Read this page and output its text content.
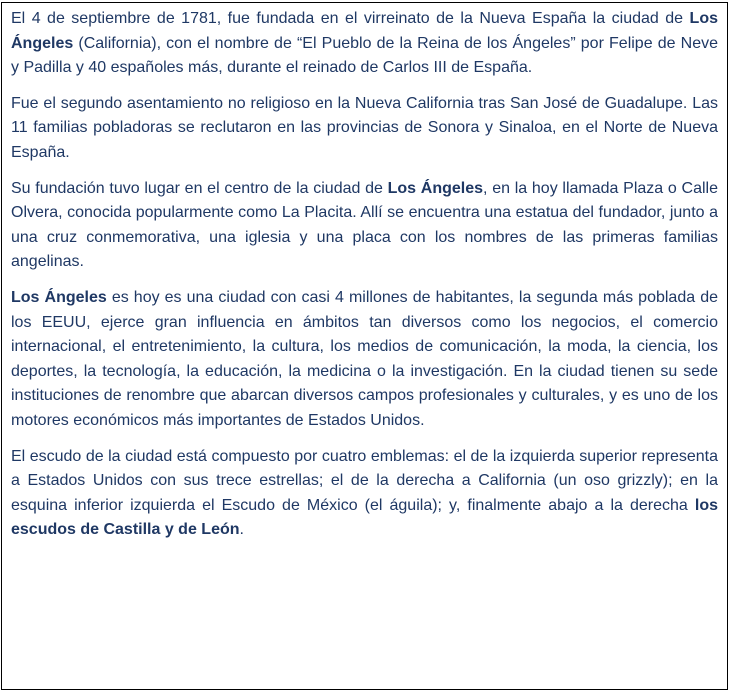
El 4 de septiembre de 1781, fue fundada en el virreinato de la Nueva España la ciudad de Los Ángeles (California), con el nombre de “El Pueblo de la Reina de los Ángeles” por Felipe de Neve y Padilla y 40 españoles más, durante el reinado de Carlos III de España.

Fue el segundo asentamiento no religioso en la Nueva California tras San José de Guadalupe. Las 11 familias pobladoras se reclutaron en las provincias de Sonora y Sinaloa, en el Norte de Nueva España.

Su fundación tuvo lugar en el centro de la ciudad de Los Ángeles, en la hoy llamada Plaza o Calle Olvera, conocida popularmente como La Placita. Allí se encuentra una estatua del fundador, junto a una cruz conmemorativa, una iglesia y una placa con los nombres de las primeras familias angelinas.

Los Ángeles es hoy es una ciudad con casi 4 millones de habitantes, la segunda más poblada de los EEUU, ejerce gran influencia en ámbitos tan diversos como los negocios, el comercio internacional, el entretenimiento, la cultura, los medios de comunicación, la moda, la ciencia, los deportes, la tecnología, la educación, la medicina o la investigación. En la ciudad tienen su sede instituciones de renombre que abarcan diversos campos profesionales y culturales, y es uno de los motores económicos más importantes de Estados Unidos.

El escudo de la ciudad está compuesto por cuatro emblemas: el de la izquierda superior representa a Estados Unidos con sus trece estrellas; el de la derecha a California (un oso grizzly); en la esquina inferior izquierda el Escudo de México (el águila); y, finalmente abajo a la derecha los escudos de Castilla y de León.
